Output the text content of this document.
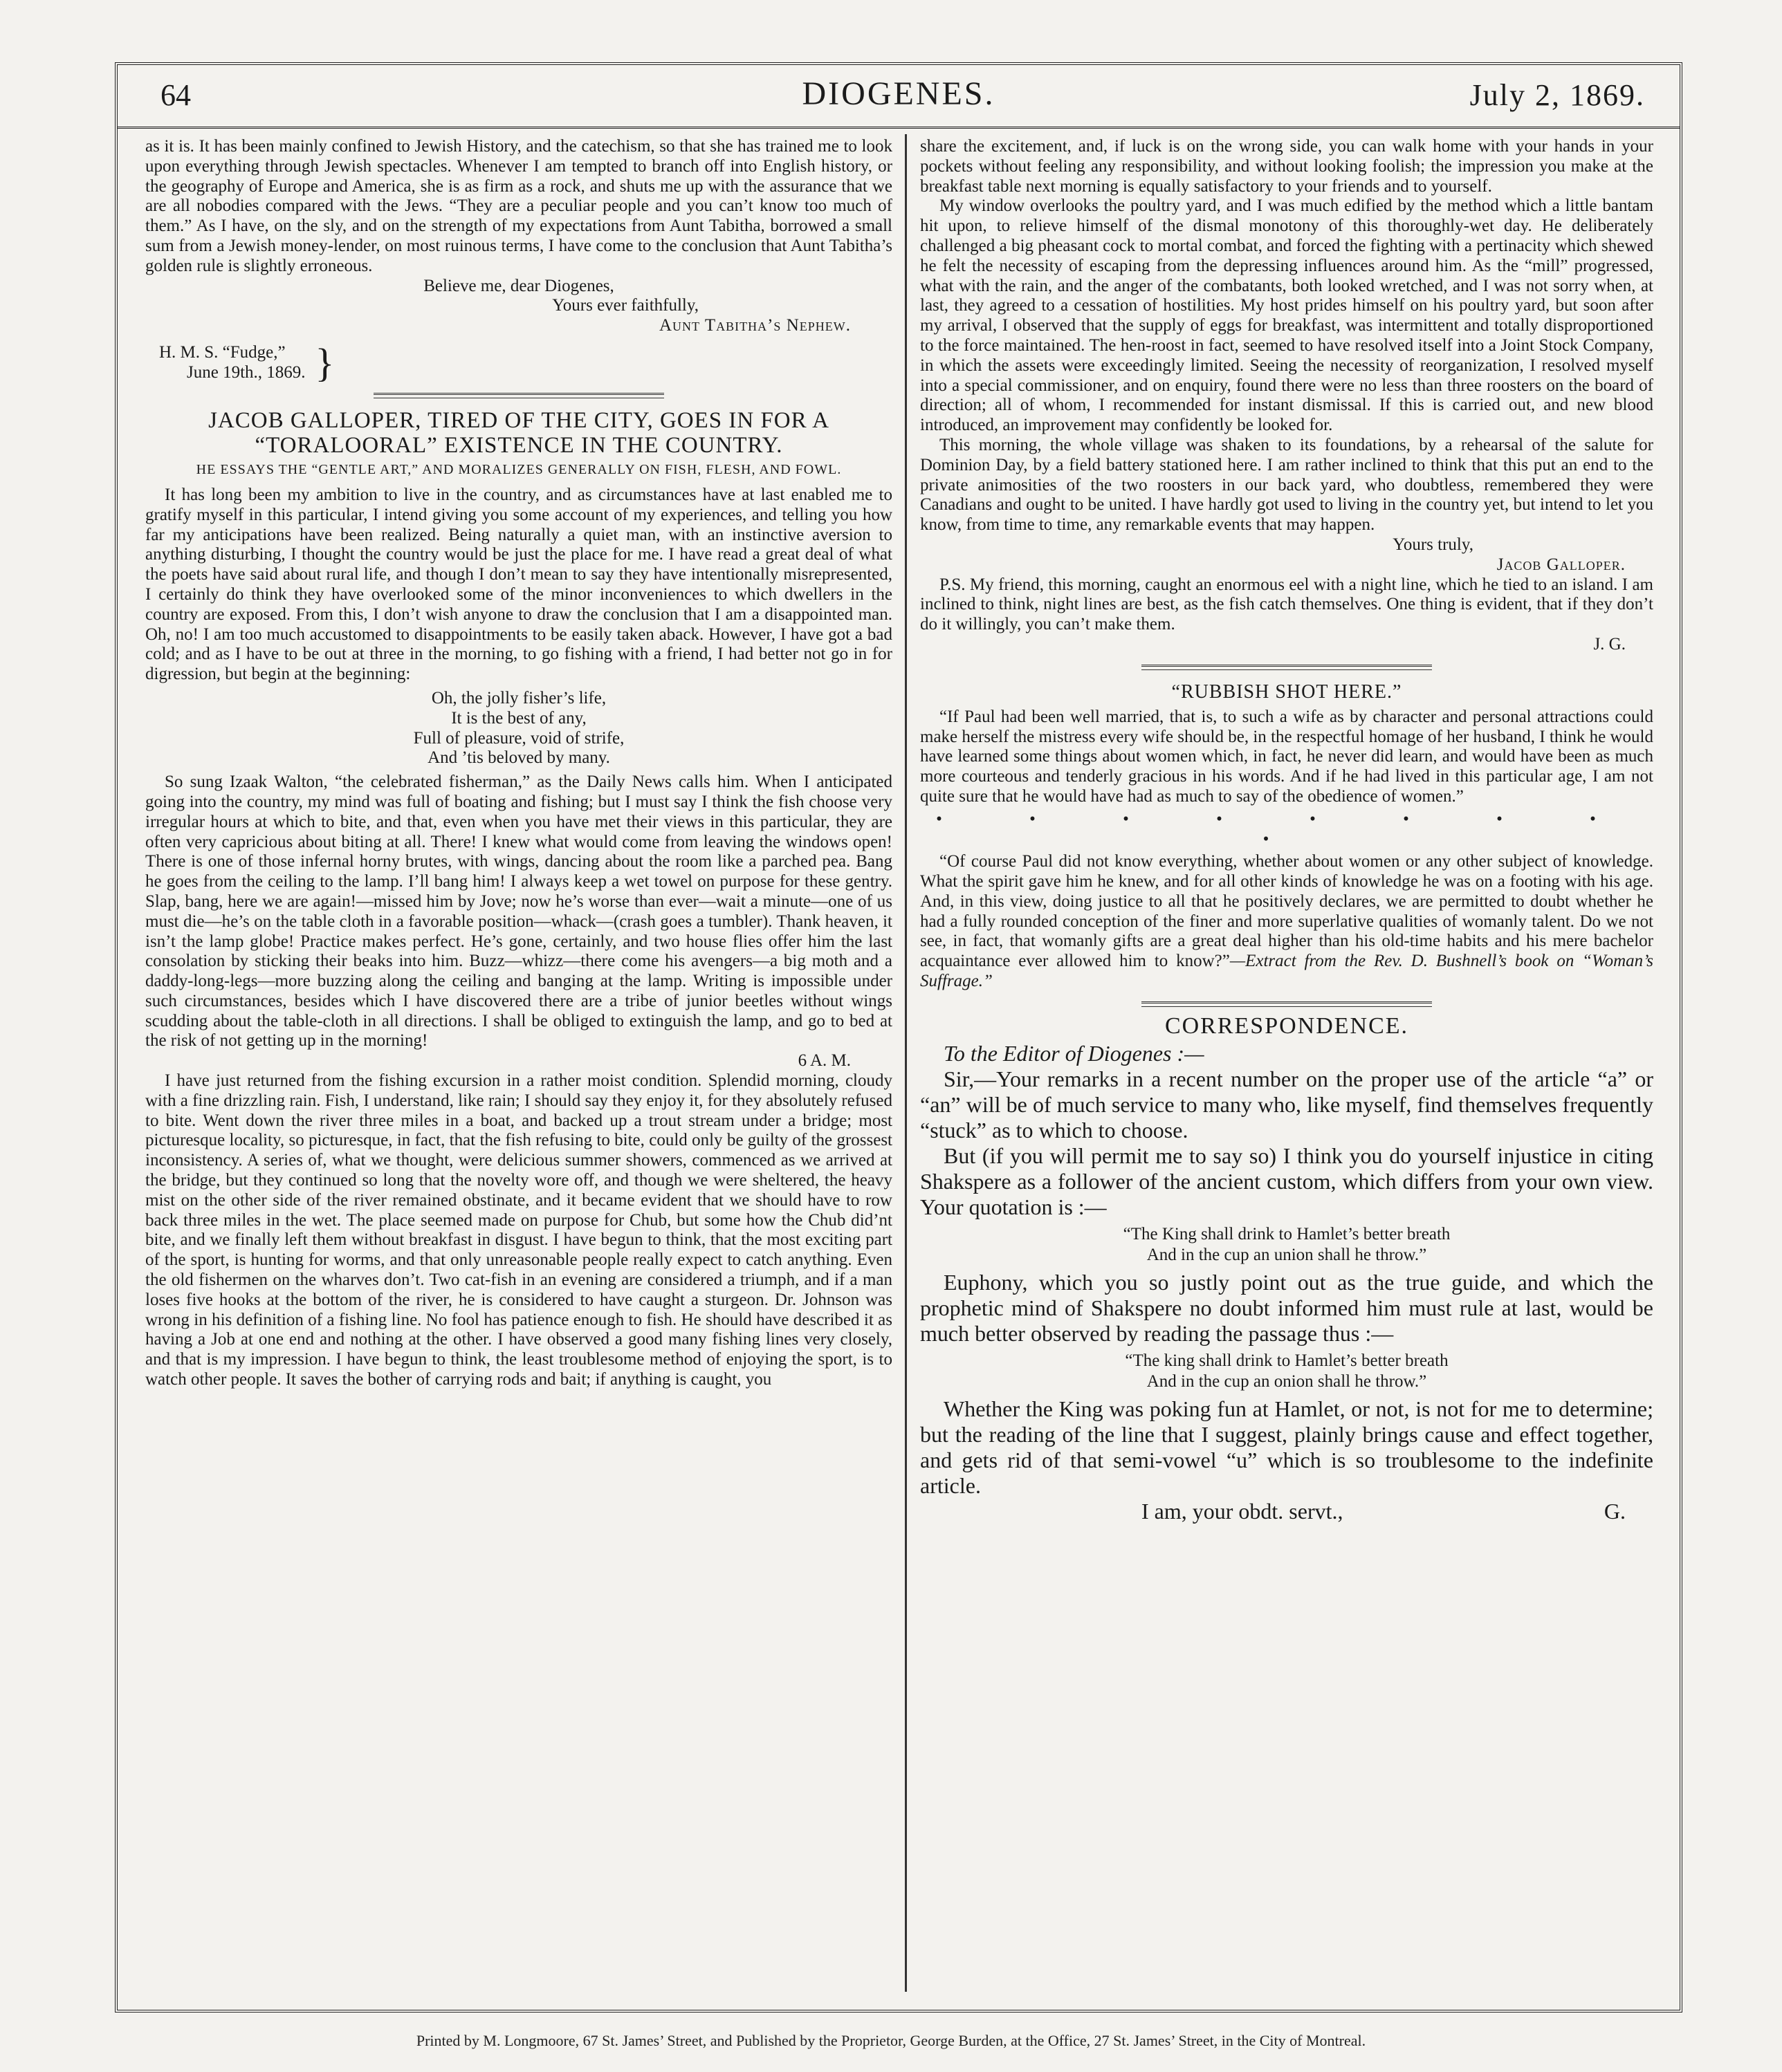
64	DIOGENES.	July 2, 1869.

as it is. It has been mainly confined to Jewish History, and the catechism, so that she has trained me to look upon everything through Jewish spectacles. Whenever I am tempted to branch off into English history, or the geography of Europe and America, she is as firm as a rock, and shuts me up with the assurance that we are all nobodies compared with the Jews. “They are a peculiar people and you can’t know too much of them.” As I have, on the sly, and on the strength of my expectations from Aunt Tabitha, borrowed a small sum from a Jewish money-lender, on most ruinous terms, I have come to the conclusion that Aunt Tabitha’s golden rule is slightly erroneous.

Believe me, dear Diogenes,

Yours ever faithfully,

Aunt Tabitha’s Nephew.

H. M. S. “Fudge,”
June 19th., 1869. }
JACOB GALLOPER, TIRED OF THE CITY, GOES IN FOR A “TORALOORAL” EXISTENCE IN THE COUNTRY.
HE ESSAYS THE “GENTLE ART,” AND MORALIZES GENERALLY ON FISH, FLESH, AND FOWL.

It has long been my ambition to live in the country, and as circumstances have at last enabled me to gratify myself in this particular, I intend giving you some account of my experiences, and telling you how far my anticipations have been realized. Being naturally a quiet man, with an instinctive aversion to anything disturbing, I thought the country would be just the place for me. I have read a great deal of what the poets have said about rural life, and though I don’t mean to say they have intentionally misrepresented, I certainly do think they have overlooked some of the minor inconveniences to which dwellers in the country are exposed. From this, I don’t wish anyone to draw the conclusion that I am a disappointed man. Oh, no! I am too much accustomed to disappointments to be easily taken aback. However, I have got a bad cold; and as I have to be out at three in the morning, to go fishing with a friend, I had better not go in for digression, but begin at the beginning:

Oh, the jolly fisher’s life,
It is the best of any,
Full of pleasure, void of strife,
And ’tis beloved by many.

So sung Izaak Walton, “the celebrated fisherman,” as the Daily News calls him. When I anticipated going into the country, my mind was full of boating and fishing; but I must say I think the fish choose very irregular hours at which to bite, and that, even when you have met their views in this particular, they are often very capricious about biting at all. There! I knew what would come from leaving the windows open! There is one of those infernal horny brutes, with wings, dancing about the room like a parched pea. Bang he goes from the ceiling to the lamp. I’ll bang him! I always keep a wet towel on purpose for these gentry. Slap, bang, here we are again!—missed him by Jove; now he’s worse than ever—wait a minute—one of us must die—he’s on the table cloth in a favorable position—whack—(crash goes a tumbler). Thank heaven, it isn’t the lamp globe! Practice makes perfect. He’s gone, certainly, and two house flies offer him the last consolation by sticking their beaks into him. Buzz—whizz—there come his avengers—a big moth and a daddy-long-legs—more buzzing along the ceiling and banging at the lamp. Writing is impossible under such circumstances, besides which I have discovered there are a tribe of junior beetles without wings scudding about the table-cloth in all directions. I shall be obliged to extinguish the lamp, and go to bed at the risk of not getting up in the morning!

6 A. M.

I have just returned from the fishing excursion in a rather moist condition. Splendid morning, cloudy with a fine drizzling rain. Fish, I understand, like rain; I should say they enjoy it, for they absolutely refused to bite. Went down the river three miles in a boat, and backed up a trout stream under a bridge; most picturesque locality, so picturesque, in fact, that the fish refusing to bite, could only be guilty of the grossest inconsistency. A series of, what we thought, were delicious summer showers, commenced as we arrived at the bridge, but they continued so long that the novelty wore off, and though we were sheltered, the heavy mist on the other side of the river remained obstinate, and it became evident that we should have to row back three miles in the wet. The place seemed made on purpose for Chub, but some how the Chub did’nt bite, and we finally left them without breakfast in disgust. I have begun to think, that the most exciting part of the sport, is hunting for worms, and that only unreasonable people really expect to catch anything. Even the old fishermen on the wharves don’t. Two cat-fish in an evening are considered a triumph, and if a man loses five hooks at the bottom of the river, he is considered to have caught a sturgeon. Dr. Johnson was wrong in his definition of a fishing line. No fool has patience enough to fish. He should have described it as having a Job at one end and nothing at the other. I have observed a good many fishing lines very closely, and that is my impression. I have begun to think, the least troublesome method of enjoying the sport, is to watch other people. It saves the bother of carrying rods and bait; if anything is caught, you

share the excitement, and, if luck is on the wrong side, you can walk home with your hands in your pockets without feeling any responsibility, and without looking foolish; the impression you make at the breakfast table next morning is equally satisfactory to your friends and to yourself.

My window overlooks the poultry yard, and I was much edified by the method which a little bantam hit upon, to relieve himself of the dismal monotony of this thoroughly-wet day. He deliberately challenged a big pheasant cock to mortal combat, and forced the fighting with a pertinacity which shewed he felt the necessity of escaping from the depressing influences around him. As the “mill” progressed, what with the rain, and the anger of the combatants, both looked wretched, and I was not sorry when, at last, they agreed to a cessation of hostilities. My host prides himself on his poultry yard, but soon after my arrival, I observed that the supply of eggs for breakfast, was intermittent and totally disproportioned to the force maintained. The hen-roost in fact, seemed to have resolved itself into a Joint Stock Company, in which the assets were exceedingly limited. Seeing the necessity of reorganization, I resolved myself into a special commissioner, and on enquiry, found there were no less than three roosters on the board of direction; all of whom, I recommended for instant dismissal. If this is carried out, and new blood introduced, an improvement may confidently be looked for.

This morning, the whole village was shaken to its foundations, by a rehearsal of the salute for Dominion Day, by a field battery stationed here. I am rather inclined to think that this put an end to the private animosities of the two roosters in our back yard, who doubtless, remembered they were Canadians and ought to be united. I have hardly got used to living in the country yet, but intend to let you know, from time to time, any remarkable events that may happen.

Yours truly,

Jacob Galloper.

P.S. My friend, this morning, caught an enormous eel with a night line, which he tied to an island. I am inclined to think, night lines are best, as the fish catch themselves. One thing is evident, that if they don’t do it willingly, you can’t make them.

J. G.

“RUBBISH SHOT HERE.”

“If Paul had been well married, that is, to such a wife as by character and personal attractions could make herself the mistress every wife should be, in the respectful homage of her husband, I think he would have learned some things about women which, in fact, he never did learn, and would have been as much more courteous and tenderly gracious in his words. And if he had lived in this particular age, I am not quite sure that he would have had as much to say of the obedience of women.”

• • • • • • • • •

“Of course Paul did not know everything, whether about women or any other subject of knowledge. What the spirit gave him he knew, and for all other kinds of knowledge he was on a footing with his age. And, in this view, doing justice to all that he positively declares, we are permitted to doubt whether he had a fully rounded conception of the finer and more superlative qualities of womanly talent. Do we not see, in fact, that womanly gifts are a great deal higher than his old-time habits and his mere bachelor acquaintance ever allowed him to know?”—Extract from the Rev. D. Bushnell’s book on “Woman’s Suffrage.”

CORRESPONDENCE.

To the Editor of Diogenes :—

Sir,—Your remarks in a recent number on the proper use of the article “a” or “an” will be of much service to many who, like myself, find themselves frequently “stuck” as to which to choose.

But (if you will permit me to say so) I think you do yourself injustice in citing Shakspere as a follower of the ancient custom, which differs from your own view. Your quotation is :—

“The King shall drink to Hamlet’s better breath
And in the cup an union shall he throw.”

Euphony, which you so justly point out as the true guide, and which the prophetic mind of Shakspere no doubt informed him must rule at last, would be much better observed by reading the passage thus :—

“The king shall drink to Hamlet’s better breath
And in the cup an onion shall he throw.”

Whether the King was poking fun at Hamlet, or not, is not for me to determine; but the reading of the line that I suggest, plainly brings cause and effect together, and gets rid of that semi-vowel “u” which is so troublesome to the indefinite article.

I am, your obdt. servt.,	G.
Printed by M. Longmoore, 67 St. James’ Street, and Published by the Proprietor, George Burden, at the Office, 27 St. James’ Street, in the City of Montreal.
